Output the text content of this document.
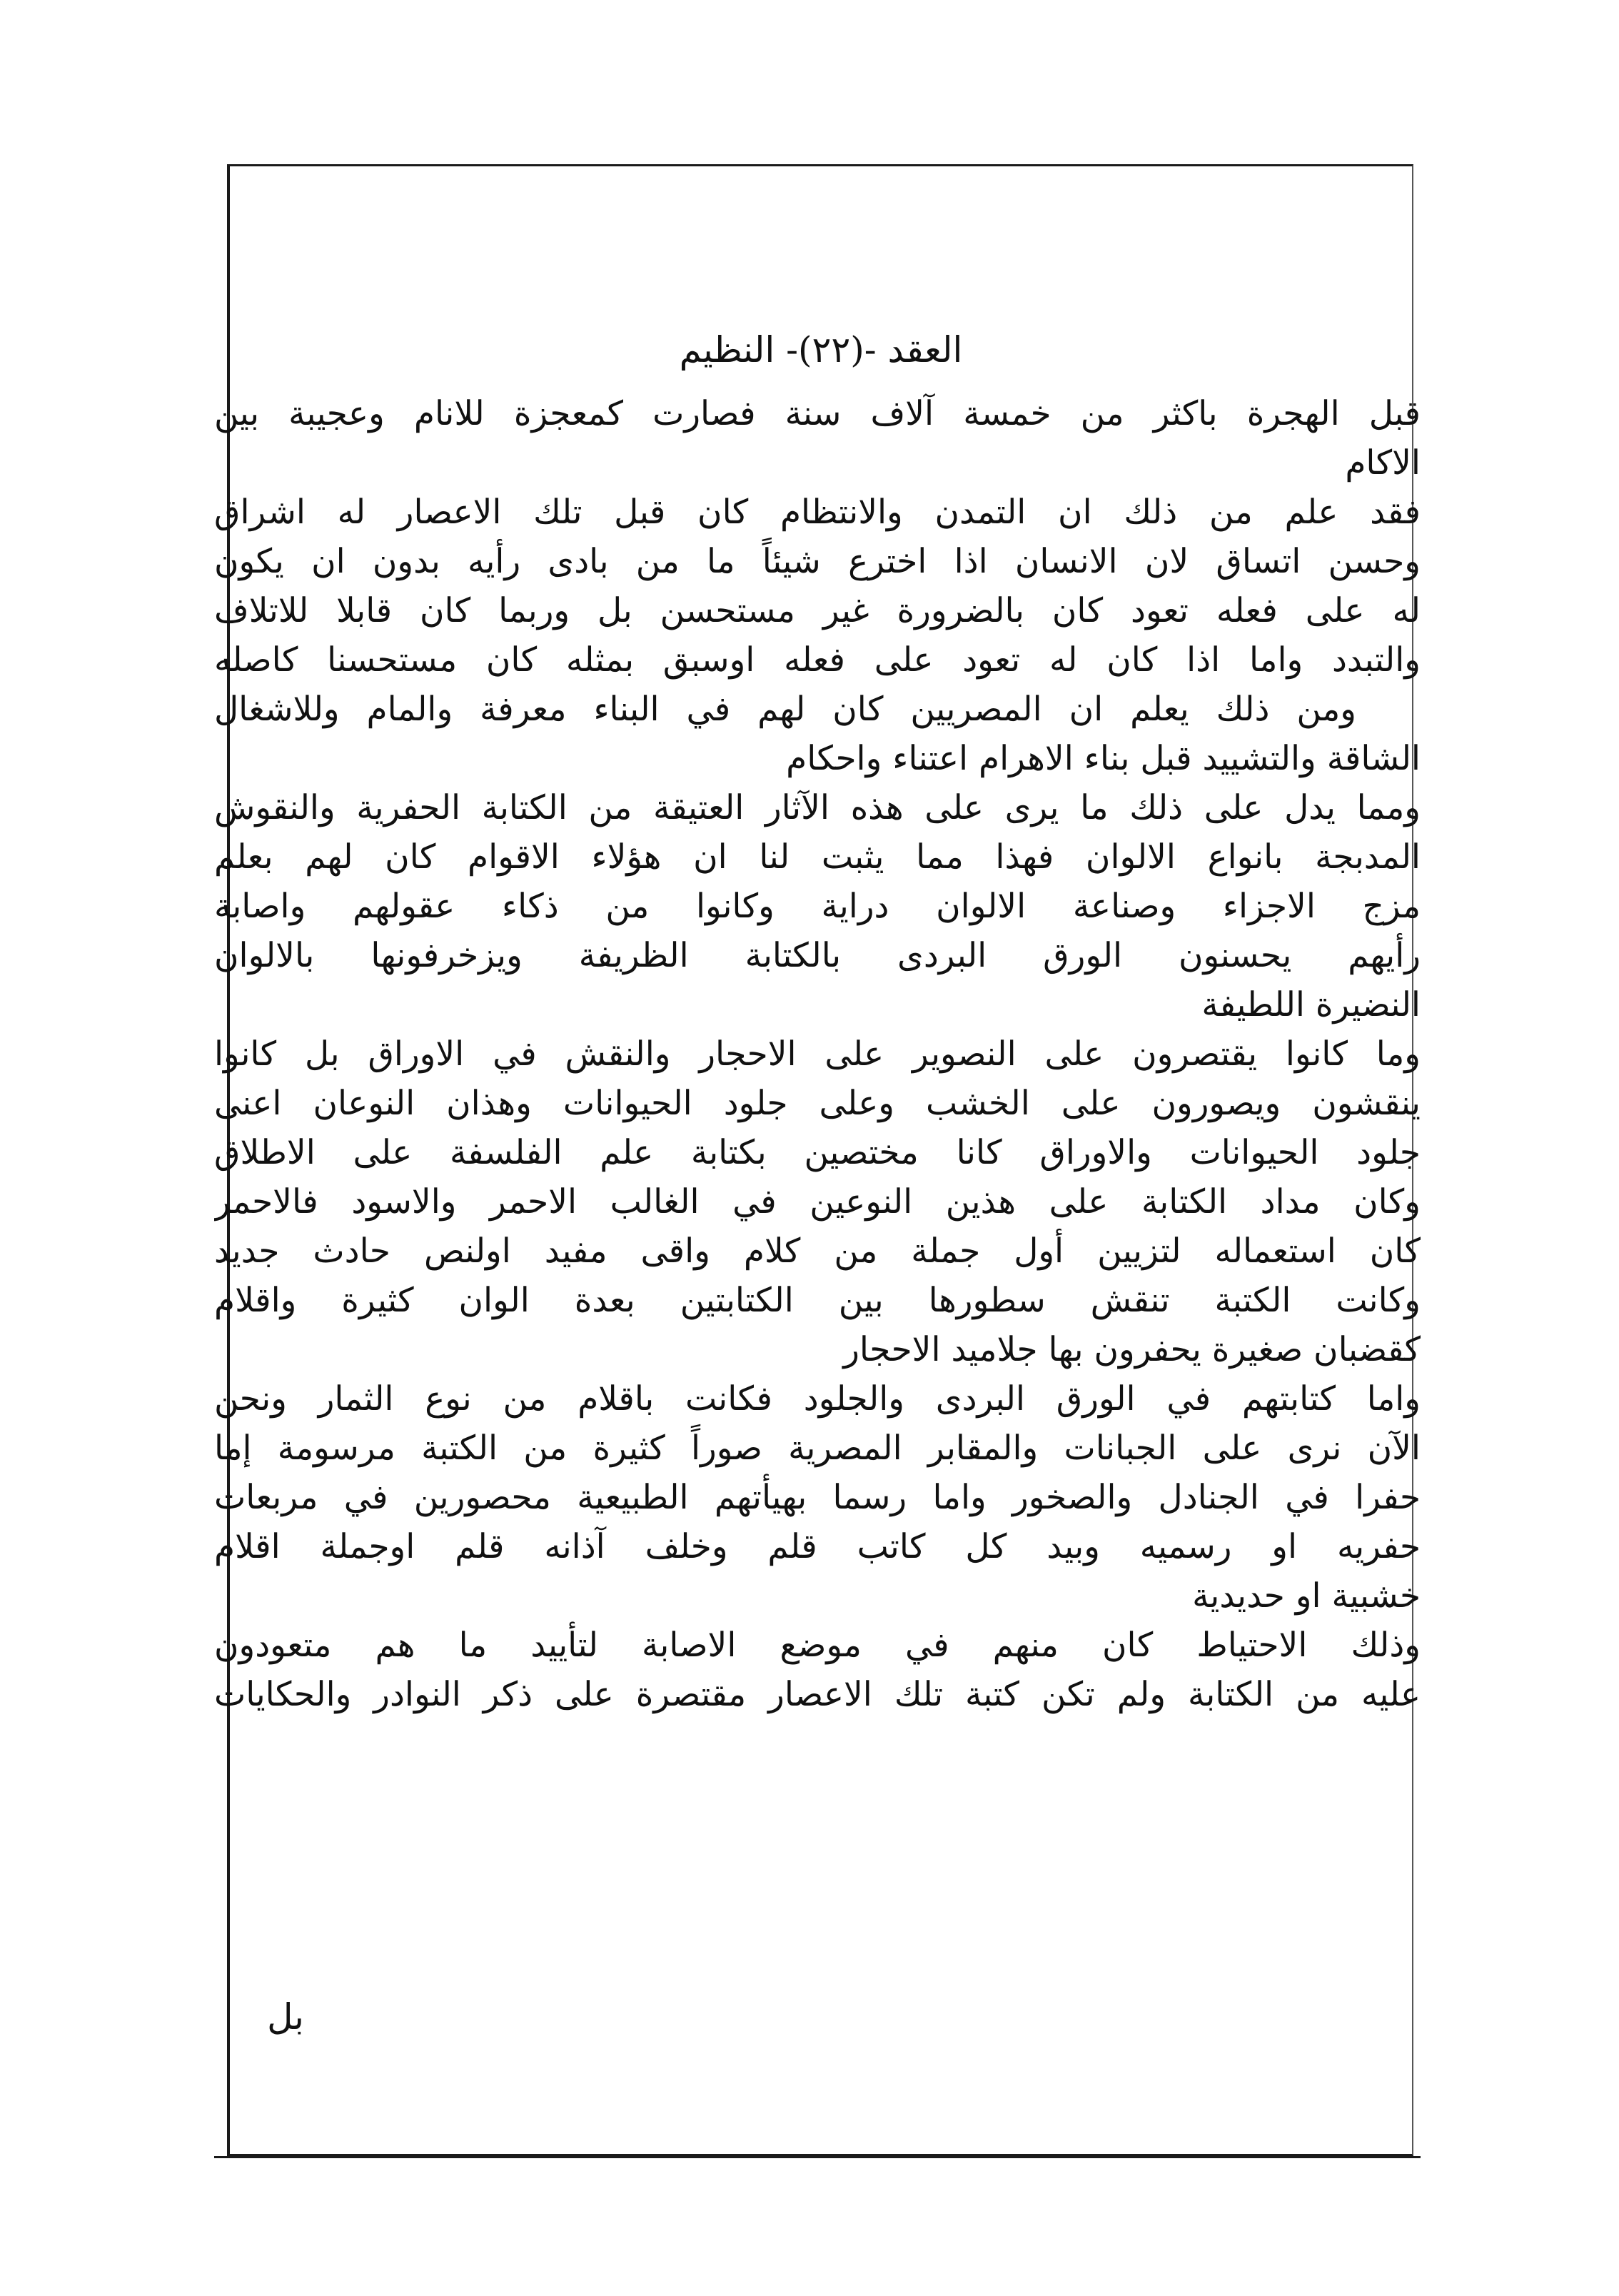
العقد -(٢٢)- النظيم
قبل الهجرة باكثر من خمسة آلاف سنة فصارت كمعجزة للانام وعجيبة بين
الاكام
فقد علم من ذلك ان التمدن والانتظام كان قبل تلك الاعصار له اشراق
وحسن اتساق لان الانسان اذا اخترع شيئاً ما من بادى رأيه بدون ان يكون
له على فعله تعود كان بالضرورة غير مستحسن بل وربما كان قابلا للاتلاف
والتبدد واما اذا كان له تعود على فعله اوسبق بمثله كان مستحسنا كاصله
ومن ذلك يعلم ان المصريين كان لهم في البناء معرفة والمام وللاشغال
الشاقة والتشييد قبل بناء الاهرام اعتناء واحكام
ومما يدل على ذلك ما يرى على هذه الآثار العتيقة من الكتابة الحفرية والنقوش
المدبجة بانواع الالوان فهذا مما يثبت لنا ان هؤلاء الاقوام كان لهم بعلم
مزج الاجزاء وصناعة الالوان دراية وكانوا من ذكاء عقولهم واصابة
رأيهم يحسنون الورق البردى بالكتابة الظريفة ويزخرفونها بالالوان
النضيرة اللطيفة
وما كانوا يقتصرون على النصوير على الاحجار والنقش في الاوراق بل كانوا
ينقشون ويصورون على الخشب وعلى جلود الحيوانات وهذان النوعان اعنى
جلود الحيوانات والاوراق كانا مختصين بكتابة علم الفلسفة على الاطلاق
وكان مداد الكتابة على هذين النوعين في الغالب الاحمر والاسود فالاحمر
كان استعماله لتزيين أول جملة من كلام واقى مفيد اولنص حادث جديد
وكانت الكتبة تنقش سطورها بين الكتابتين بعدة الوان كثيرة واقلام
كقضبان صغيرة يحفرون بها جلاميد الاحجار
واما كتابتهم في الورق البردى والجلود فكانت باقلام من نوع الثمار ونحن
الآن نرى على الجبانات والمقابر المصرية صوراً كثيرة من الكتبة مرسومة إما
حفرا في الجنادل والصخور واما رسما بهيأتهم الطبيعية محصورين في مربعات
حفريه او رسميه وبيد كل كاتب قلم وخلف آذانه قلم اوجملة اقلام
خشبية او حديدية
وذلك الاحتياط كان منهم في موضع الاصابة لتأييد ما هم متعودون
عليه من الكتابة ولم تكن كتبة تلك الاعصار مقتصرة على ذكر النوادر والحكايات
بل
